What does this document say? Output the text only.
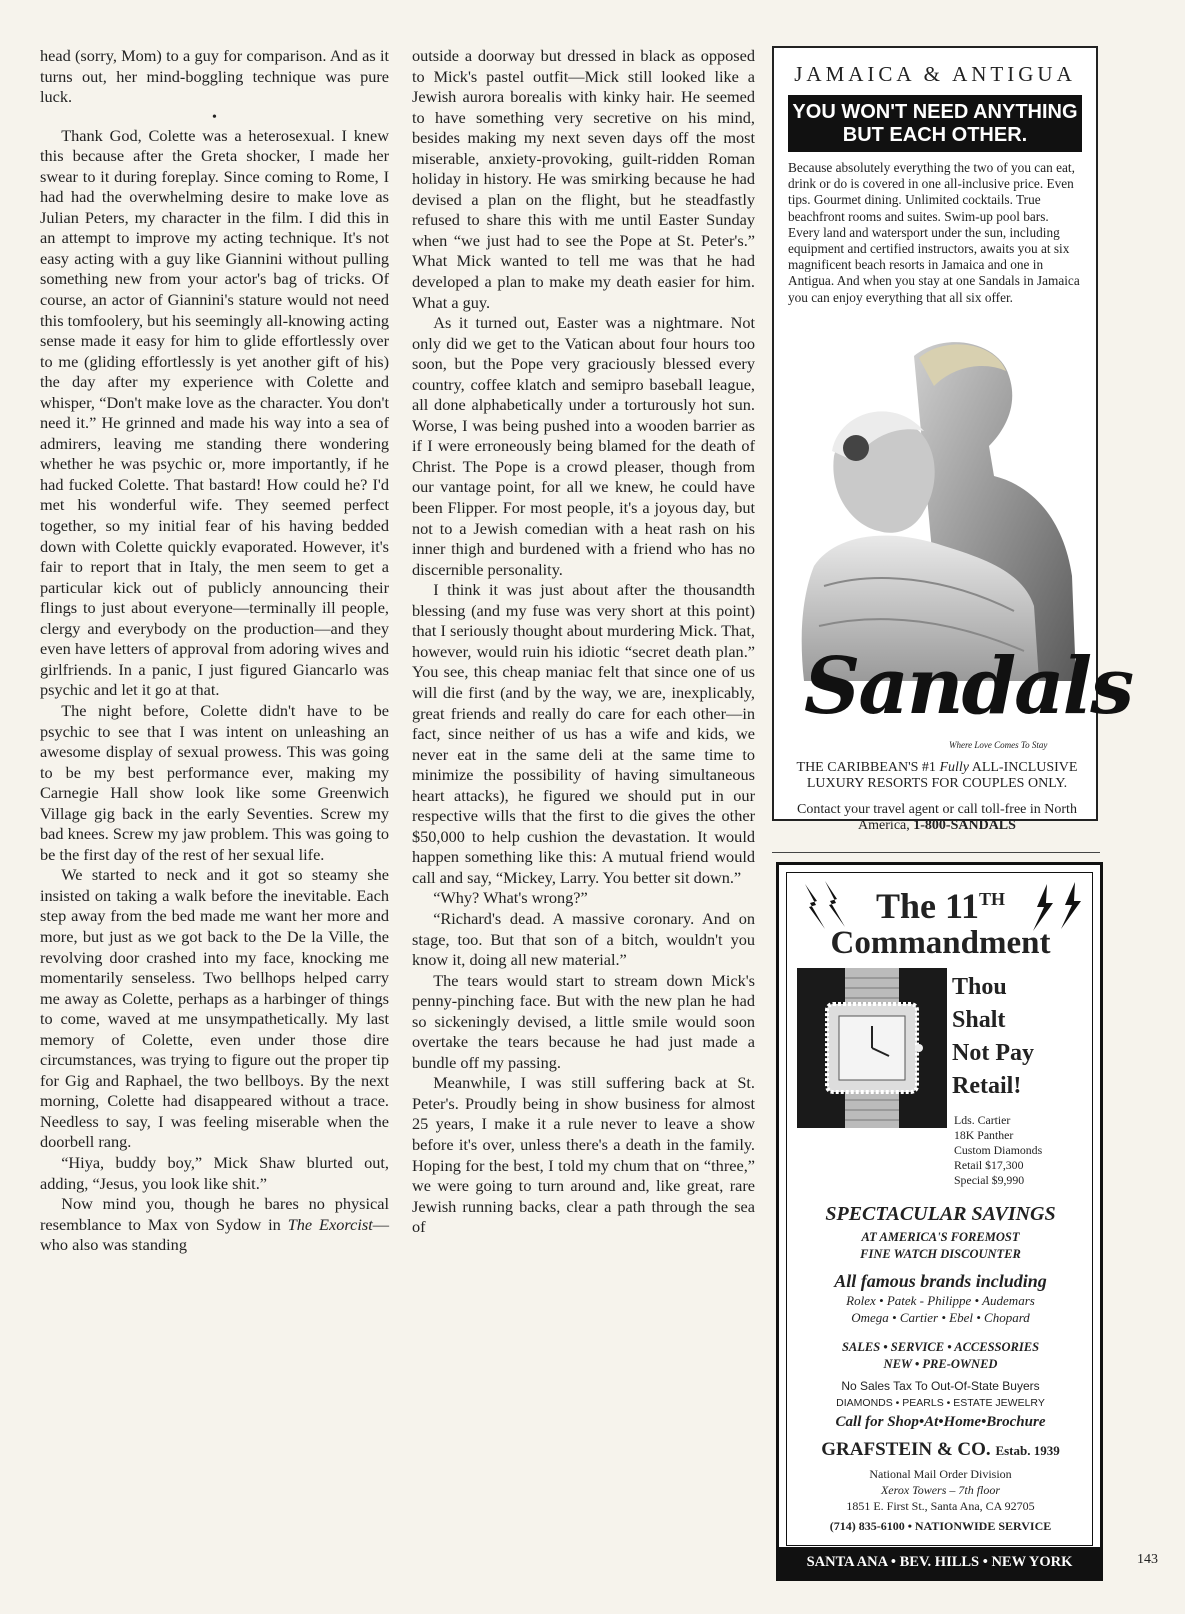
head (sorry, Mom) to a guy for comparison. And as it turns out, her mind-boggling technique was pure luck.

•

Thank God, Colette was a heterosexual. I knew this because after the Greta shocker, I made her swear to it during foreplay. Since coming to Rome, I had had the overwhelming desire to make love as Julian Peters, my character in the film. I did this in an attempt to improve my acting technique. It's not easy acting with a guy like Giannini without pulling something new from your actor's bag of tricks. Of course, an actor of Giannini's stature would not need this tomfoolery, but his seemingly all-knowing acting sense made it easy for him to glide effortlessly over to me (gliding effortlessly is yet another gift of his) the day after my experience with Colette and whisper, “Don't make love as the character. You don't need it.” He grinned and made his way into a sea of admirers, leaving me standing there wondering whether he was psychic or, more importantly, if he had fucked Colette. That bastard! How could he? I'd met his wonderful wife. They seemed perfect together, so my initial fear of his having bedded down with Colette quickly evaporated. However, it's fair to report that in Italy, the men seem to get a particular kick out of publicly announcing their flings to just about everyone—terminally ill people, clergy and everybody on the production—and they even have letters of approval from adoring wives and girlfriends. In a panic, I just figured Giancarlo was psychic and let it go at that.

The night before, Colette didn't have to be psychic to see that I was intent on unleashing an awesome display of sexual prowess. This was going to be my best performance ever, making my Carnegie Hall show look like some Greenwich Village gig back in the early Seventies. Screw my bad knees. Screw my jaw problem. This was going to be the first day of the rest of her sexual life.

We started to neck and it got so steamy she insisted on taking a walk before the inevitable. Each step away from the bed made me want her more and more, but just as we got back to the De la Ville, the revolving door crashed into my face, knocking me momentarily senseless. Two bellhops helped carry me away as Colette, perhaps as a harbinger of things to come, waved at me unsympathetically. My last memory of Colette, even under those dire circumstances, was trying to figure out the proper tip for Gig and Raphael, the two bellboys. By the next morning, Colette had disappeared without a trace. Needless to say, I was feeling miserable when the doorbell rang.

“Hiya, buddy boy,” Mick Shaw blurted out, adding, “Jesus, you look like shit.”

Now mind you, though he bares no physical resemblance to Max von Sydow in The Exorcist—who also was standing

outside a doorway but dressed in black as opposed to Mick's pastel outfit—Mick still looked like a Jewish aurora borealis with kinky hair. He seemed to have something very secretive on his mind, besides making my next seven days off the most miserable, anxiety-provoking, guilt-ridden Roman holiday in history. He was smirking because he had devised a plan on the flight, but he steadfastly refused to share this with me until Easter Sunday when “we just had to see the Pope at St. Peter's.” What Mick wanted to tell me was that he had developed a plan to make my death easier for him. What a guy.

As it turned out, Easter was a nightmare. Not only did we get to the Vatican about four hours too soon, but the Pope very graciously blessed every country, coffee klatch and semipro baseball league, all done alphabetically under a torturously hot sun. Worse, I was being pushed into a wooden barrier as if I were erroneously being blamed for the death of Christ. The Pope is a crowd pleaser, though from our vantage point, for all we knew, he could have been Flipper. For most people, it's a joyous day, but not to a Jewish comedian with a heat rash on his inner thigh and burdened with a friend who has no discernible personality.

I think it was just about after the thousandth blessing (and my fuse was very short at this point) that I seriously thought about murdering Mick. That, however, would ruin his idiotic “secret death plan.” You see, this cheap maniac felt that since one of us will die first (and by the way, we are, inexplicably, great friends and really do care for each other—in fact, since neither of us has a wife and kids, we never eat in the same deli at the same time to minimize the possibility of having simultaneous heart attacks), he figured we should put in our respective wills that the first to die gives the other $50,000 to help cushion the devastation. It would happen something like this: A mutual friend would call and say, “Mickey, Larry. You better sit down.”

“Why? What's wrong?”

“Richard's dead. A massive coronary. And on stage, too. But that son of a bitch, wouldn't you know it, doing all new material.”

The tears would start to stream down Mick's penny-pinching face. But with the new plan he had so sickeningly devised, a little smile would soon overtake the tears because he had just made a bundle off my passing.

Meanwhile, I was still suffering back at St. Peter's. Proudly being in show business for almost 25 years, I make it a rule never to leave a show before it's over, unless there's a death in the family. Hoping for the best, I told my chum that on “three,” we were going to turn around and, like great, rare Jewish running backs, clear a path through the sea of

JAMAICA & ANTIGUA
YOU WON'T NEED ANYTHING BUT EACH OTHER.
Because absolutely everything the two of you can eat, drink or do is covered in one all-inclusive price. Even tips. Gourmet dining. Unlimited cocktails. True beachfront rooms and suites. Swim-up pool bars. Every land and watersport under the sun, including equipment and certified instructors, awaits you at six magnificent beach resorts in Jamaica and one in Antigua. And when you stay at one Sandals in Jamaica you can enjoy everything that all six offer.
Sandals
Where Love Comes To Stay
THE CARIBBEAN'S #1 Fully ALL-INCLUSIVE LUXURY RESORTS FOR COUPLES ONLY.
Contact your travel agent or call toll-free in North America, 1-800-SANDALS
The 11TH
Commandment
Thou
Shalt
Not Pay
Retail!
Lds. Cartier
18K Panther
Custom Diamonds
Retail $17,300
Special $9,990
SPECTACULAR SAVINGS
AT AMERICA'S FOREMOST
FINE WATCH DISCOUNTER
All famous brands including
Rolex • Patek - Philippe • Audemars
Omega • Cartier • Ebel • Chopard
SALES • SERVICE • ACCESSORIES
NEW • PRE-OWNED
No Sales Tax To Out-Of-State Buyers
DIAMONDS • PEARLS • ESTATE JEWELRY
Call for Shop•At•Home•Brochure
GRAFSTEIN & CO. Estab. 1939
National Mail Order Division
Xerox Towers – 7th floor
1851 E. First St., Santa Ana, CA 92705
(714) 835-6100 • NATIONWIDE SERVICE
SANTA ANA • BEV. HILLS • NEW YORK	143
